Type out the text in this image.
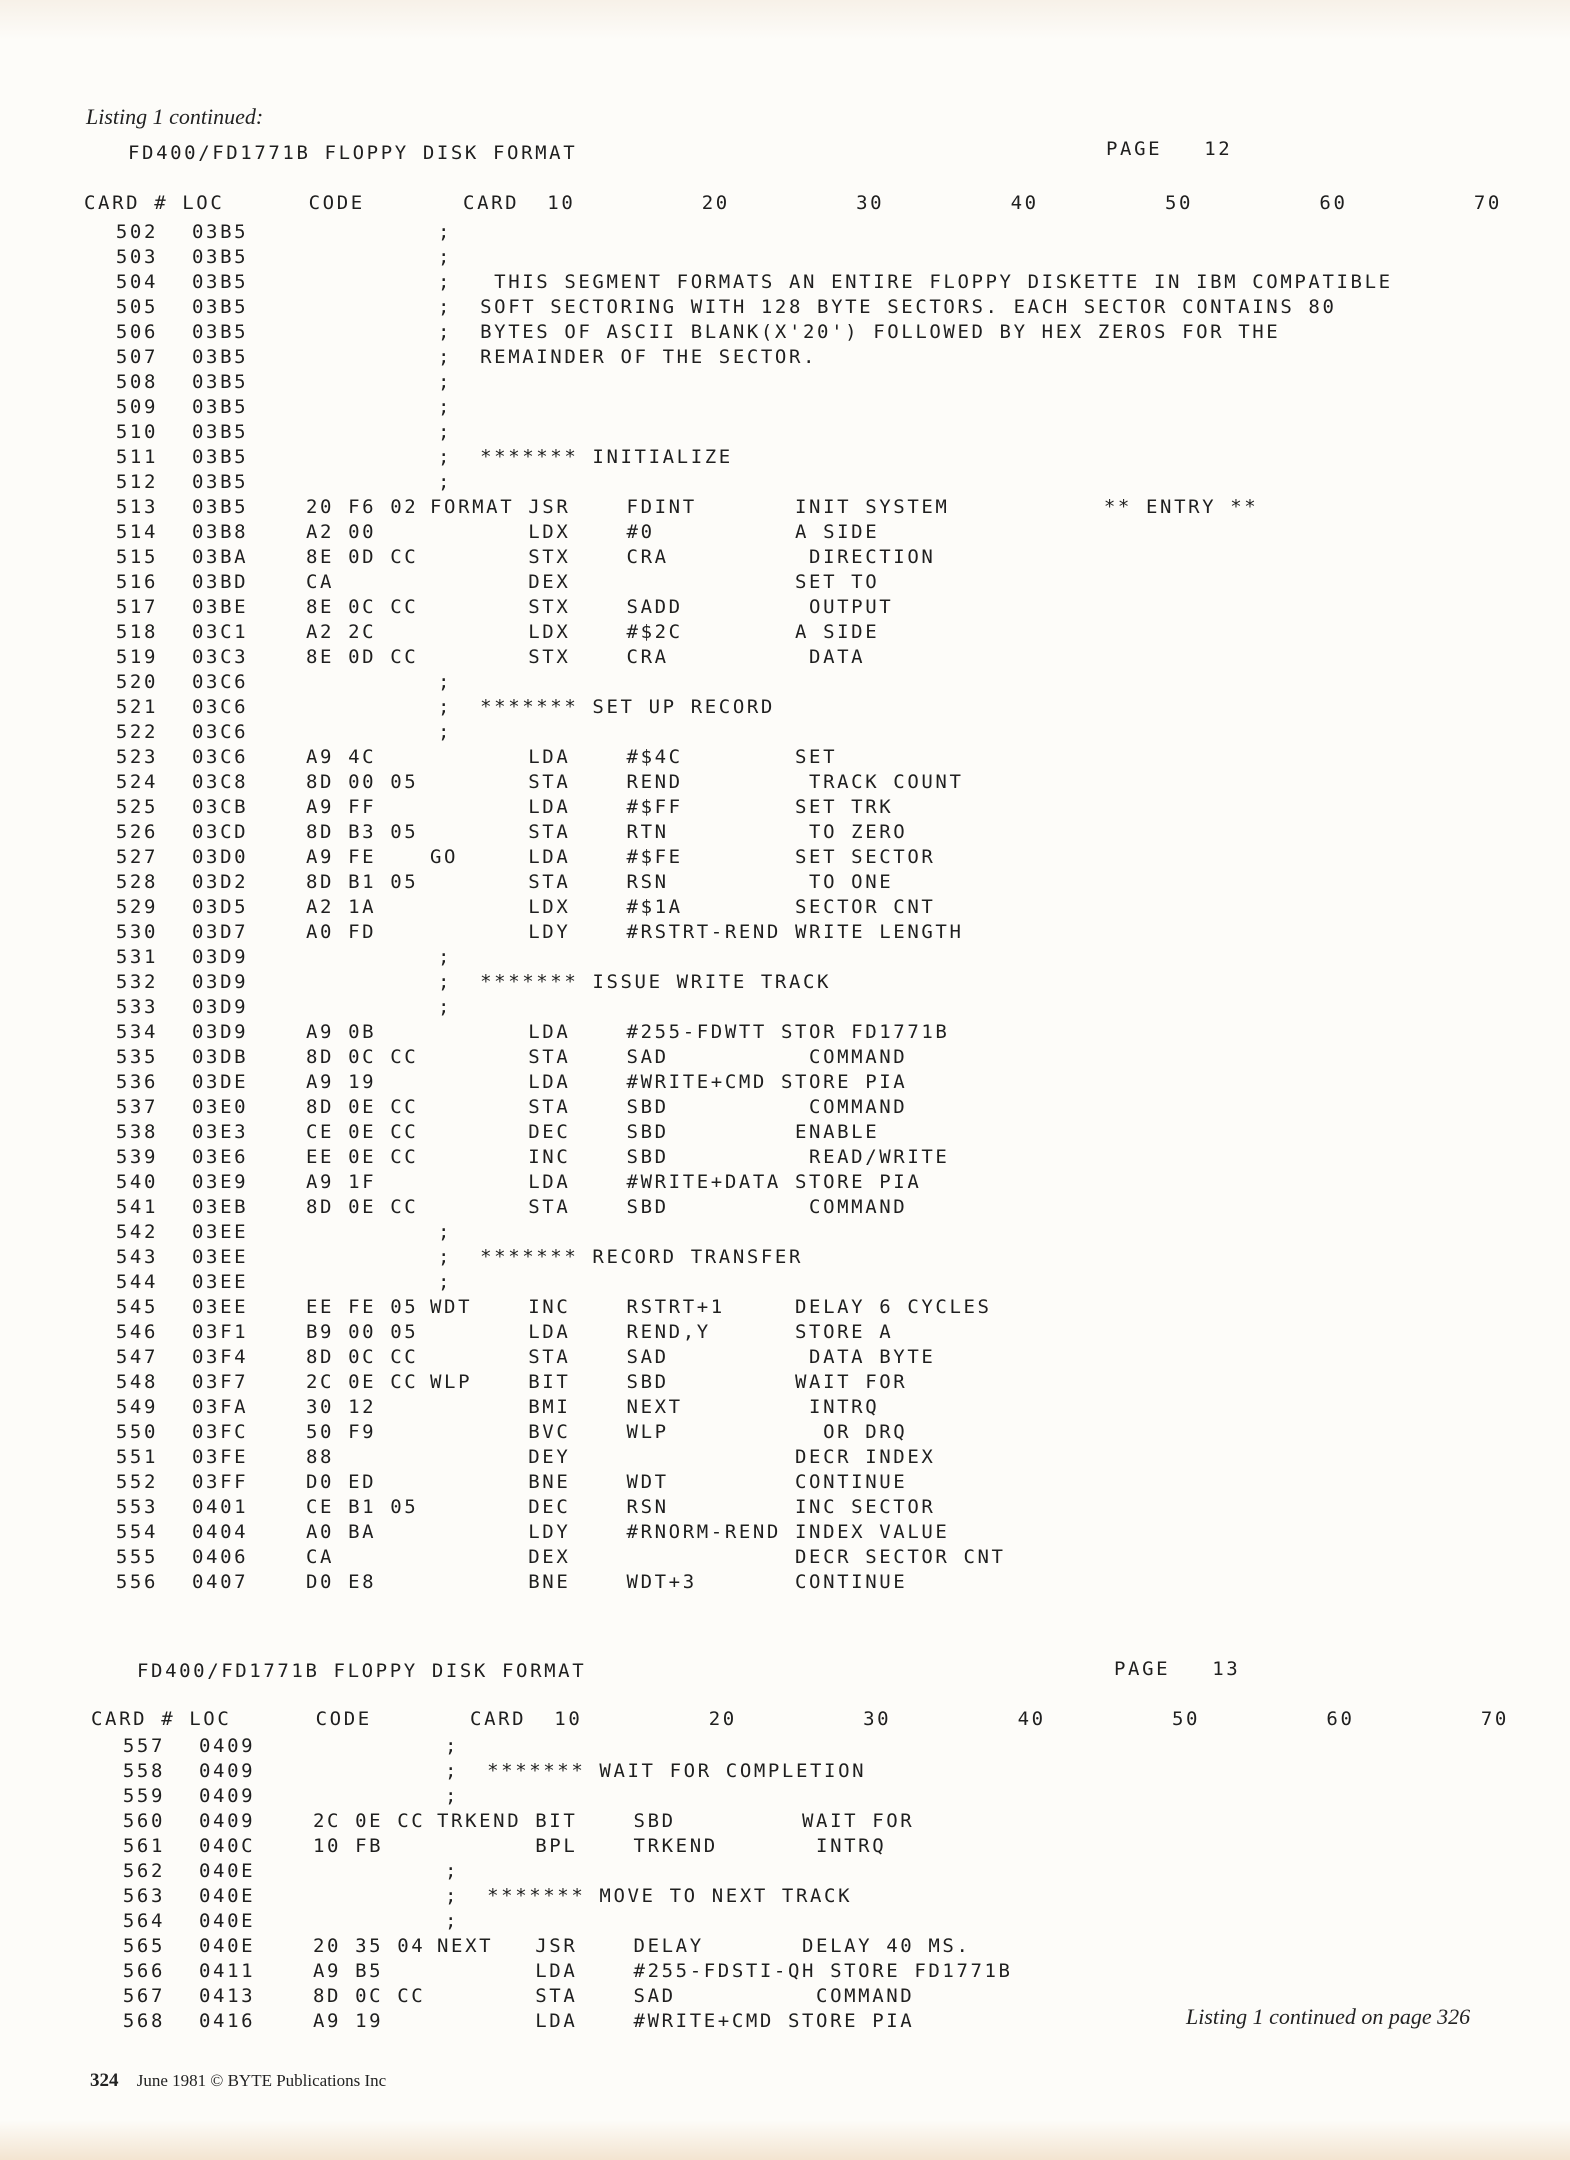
Listing 1 continued:
FD400/FD1771B FLOPPY DISK FORMAT	PAGE   12
CARD # LOC      CODE       CARD  10         20         30         40         50         60         70
502 03B5	;
503 03B5	;
504 03B5	;   THIS SEGMENT FORMATS AN ENTIRE FLOPPY DISKETTE IN IBM COMPATIBLE
505 03B5	;  SOFT SECTORING WITH 128 BYTE SECTORS. EACH SECTOR CONTAINS 80
506 03B5	;  BYTES OF ASCII BLANK(X'20') FOLLOWED BY HEX ZEROS FOR THE
507 03B5	;  REMAINDER OF THE SECTOR.
508 03B5	;
509 03B5	;
510 03B5	;
511 03B5	;  ******* INITIALIZE
512 03B5	;
513 03B5	20 F6 02 FORMAT JSR    FDINT       INIT SYSTEM           ** ENTRY **
514 03B8	A2 00	LDX    #0          A SIDE
515 03BA	8E 0D CC STX    CRA          DIRECTION
516 03BD	CA	DEX                SET TO
517 03BE	8E 0C CC STX    SADD         OUTPUT
518 03C1	A2 2C	LDX    #$2C        A SIDE
519 03C3	8E 0D CC STX    CRA          DATA
520 03C6	;
521 03C6	;  ******* SET UP RECORD
522 03C6	;
523 03C6	A9 4C	LDA    #$4C        SET
524 03C8	8D 00 05 STA    REND         TRACK COUNT
525 03CB	A9 FF	LDA    #$FF        SET TRK
526 03CD	8D B3 05 STA    RTN          TO ZERO
527 03D0	A9 FE	GO     LDA    #$FE        SET SECTOR
528 03D2	8D B1 05 STA    RSN          TO ONE
529 03D5	A2 1A	LDX    #$1A        SECTOR CNT
530 03D7	A0 FD	LDY    #RSTRT-REND WRITE LENGTH
531 03D9	;
532 03D9	;  ******* ISSUE WRITE TRACK
533 03D9	;
534 03D9	A9 0B	LDA    #255-FDWTT STOR FD1771B
535 03DB	8D 0C CC STA    SAD          COMMAND
536 03DE	A9 19	LDA    #WRITE+CMD STORE PIA
537 03E0	8D 0E CC STA    SBD          COMMAND
538 03E3	CE 0E CC DEC    SBD         ENABLE
539 03E6	EE 0E CC INC    SBD          READ/WRITE
540 03E9	A9 1F	LDA    #WRITE+DATA STORE PIA
541 03EB	8D 0E CC STA    SBD          COMMAND
542 03EE	;
543 03EE	;  ******* RECORD TRANSFER
544 03EE	;
545 03EE	EE FE 05 WDT    INC    RSTRT+1     DELAY 6 CYCLES
546 03F1	B9 00 05 LDA    REND,Y      STORE A
547 03F4	8D 0C CC STA    SAD          DATA BYTE
548 03F7	2C 0E CC WLP    BIT    SBD         WAIT FOR
549 03FA	30 12	BMI    NEXT         INTRQ
550 03FC	50 F9	BVC    WLP           OR DRQ
551 03FE	88	DEY                DECR INDEX
552 03FF	D0 ED	BNE    WDT         CONTINUE
553 0401	CE B1 05 DEC    RSN         INC SECTOR
554 0404	A0 BA	LDY    #RNORM-REND INDEX VALUE
555 0406	CA	DEX                DECR SECTOR CNT
556 0407	D0 E8	BNE    WDT+3       CONTINUE
FD400/FD1771B FLOPPY DISK FORMAT	PAGE   13
CARD # LOC      CODE       CARD  10         20         30         40         50         60         70
557 0409	;
558 0409	;  ******* WAIT FOR COMPLETION
559 0409	;
560 0409	2C 0E CC TRKEND BIT    SBD         WAIT FOR
561 040C	10 FB	BPL    TRKEND       INTRQ
562 040E	;
563 040E	;  ******* MOVE TO NEXT TRACK
564 040E	;
565 040E	20 35 04 NEXT   JSR    DELAY       DELAY 40 MS.
566 0411	A9 B5	LDA    #255-FDSTI-QH STORE FD1771B
567 0413	8D 0C CC STA    SAD          COMMAND
568 0416	A9 19	LDA    #WRITE+CMD STORE PIA	Listing 1 continued on page 326
324 June 1981 © BYTE Publications Inc
